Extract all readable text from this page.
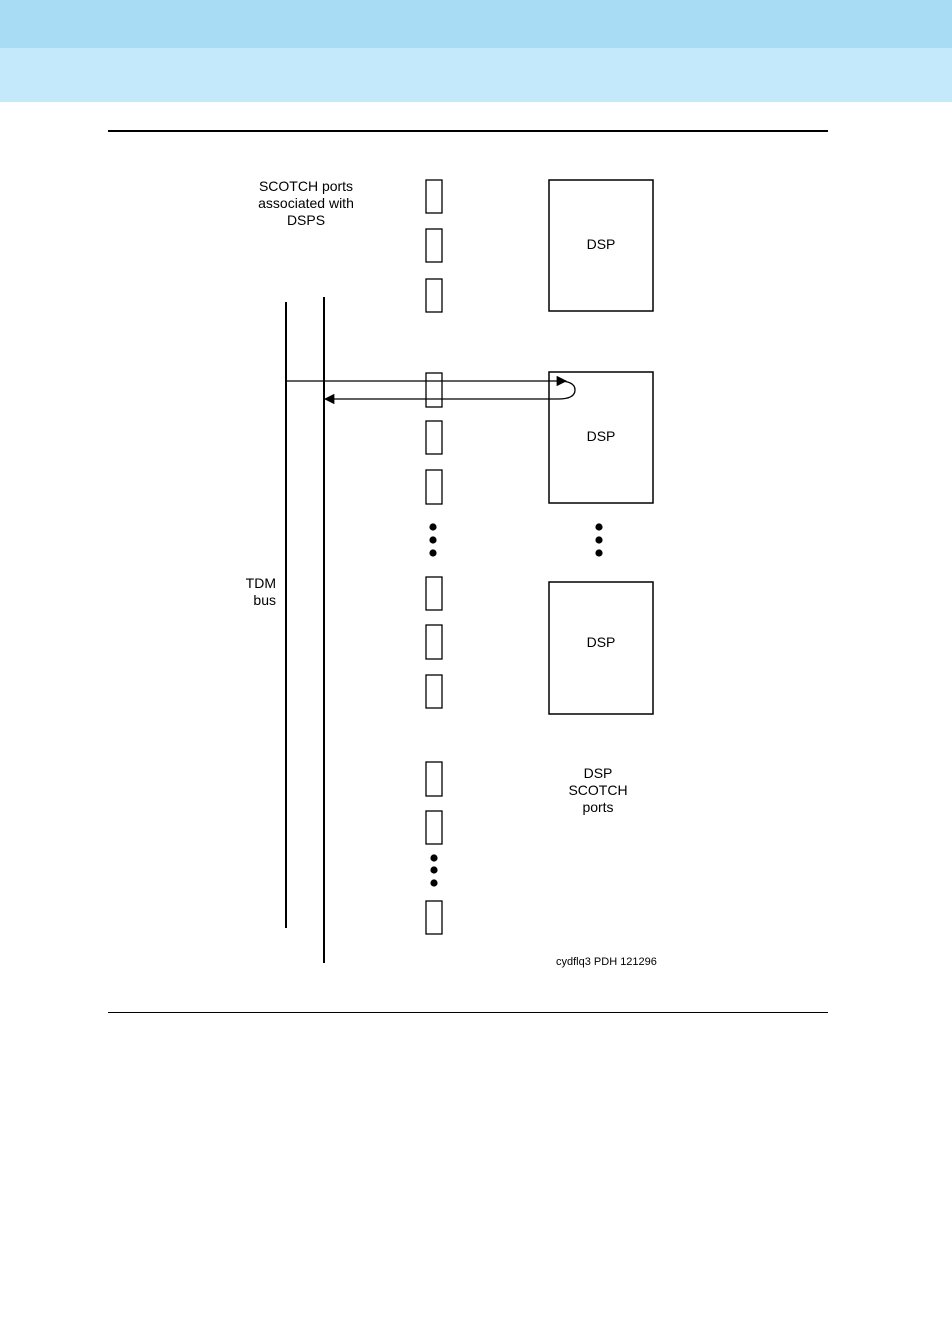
SCOTCH ports
associated with
DSPS
TDM
bus
DSP
DSP
DSP
DSP
SCOTCH
ports
cydflq3 PDH 121296
